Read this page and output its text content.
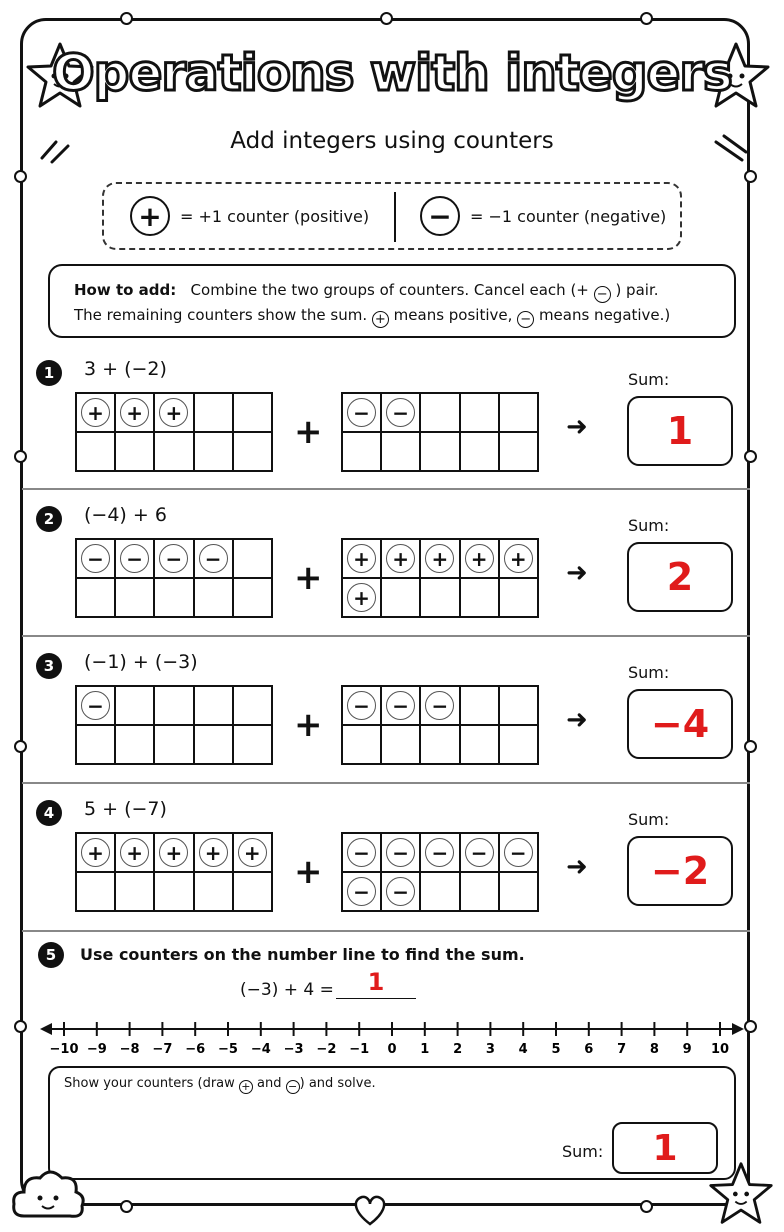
Operations with integers
Add integers using counters
+	= +1 counter (positive) −	= −1 counter (negative)
How to add: Combine the two groups of counters. Cancel each (+ − ) pair.
The remaining counters show the sum. + means positive, − means negative.)
1	3 + (−2)
+	+	+	+	−	−	➜
Sum:
1
2	(−4) + 6
−	−	−	− +	+	+	+	+	+
+
➜
Sum:
2
3	(−1) + (−3)
−	+	−	−	−	➜
Sum:
−4
4	5 + (−7)
+	+	+	+	+ +	−	−	−	−	−
−	−
➜
Sum:
−2
5	Use counters on the number line to find the sum.
(−3) + 4 =	1
−10 −9 −8 −7 −6 −5 −4 −3 −2 −1 0 1 2 3 4 5 6 7 8 9 10
Show your counters (draw + and − ) and solve.
Sum:	1
